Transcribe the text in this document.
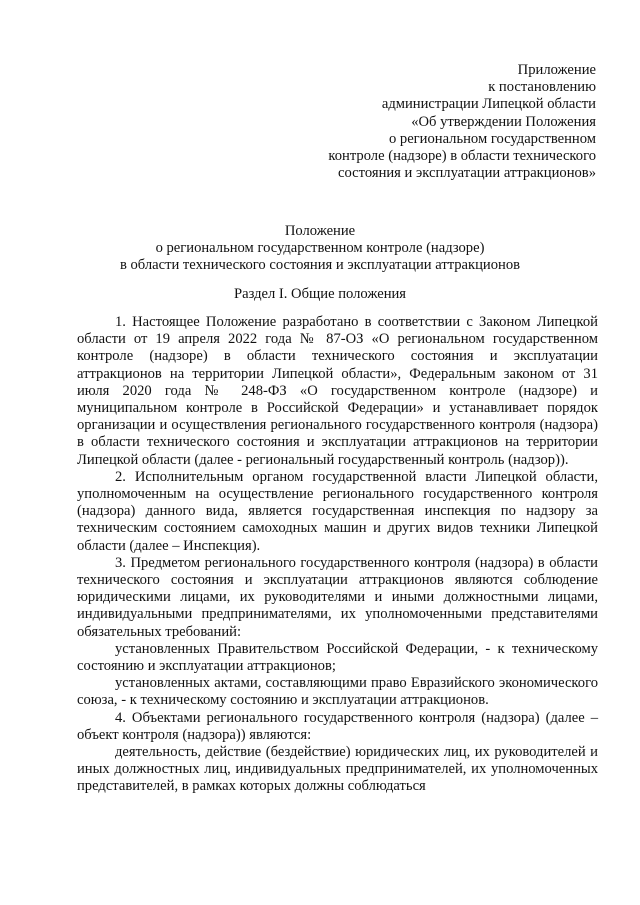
Приложение
к постановлению
администрации Липецкой области
«Об утверждении Положения
о региональном государственном
контроле (надзоре) в области технического
состояния и эксплуатации аттракционов»
Положение
о региональном государственном контроле (надзоре)
в области технического состояния и эксплуатации аттракционов
Раздел I. Общие положения

1. Настоящее Положение разработано в соответствии с Законом Липецкой области от 19 апреля 2022 года № 87-ОЗ «О региональном государственном контроле (надзоре) в области технического состояния и эксплуатации аттракционов на территории Липецкой области», Федеральным законом от 31 июля 2020 года № 248-ФЗ «О государственном контроле (надзоре) и муниципальном контроле в Российской Федерации» и устанавливает порядок организации и осуществления регионального государственного контроля (надзора) в области технического состояния и эксплуатации аттракционов на территории Липецкой области (далее - региональный государственный контроль (надзор)).

2. Исполнительным органом государственной власти Липецкой области, уполномоченным на осуществление регионального государственного контроля (надзора) данного вида, является государственная инспекция по надзору за техническим состоянием самоходных машин и других видов техники Липецкой области (далее – Инспекция).

3. Предметом регионального государственного контроля (надзора) в области технического состояния и эксплуатации аттракционов являются соблюдение юридическими лицами, их руководителями и иными должностными лицами, индивидуальными предпринимателями, их уполномоченными представителями обязательных требований:

установленных Правительством Российской Федерации, - к техническому состоянию и эксплуатации аттракционов;

установленных актами, составляющими право Евразийского экономического союза, - к техническому состоянию и эксплуатации аттракционов.

4. Объектами регионального государственного контроля (надзора) (далее – объект контроля (надзора)) являются:

деятельность, действие (бездействие) юридических лиц, их руководителей и иных должностных лиц, индивидуальных предпринимателей, их уполномоченных представителей, в рамках которых должны соблюдаться
